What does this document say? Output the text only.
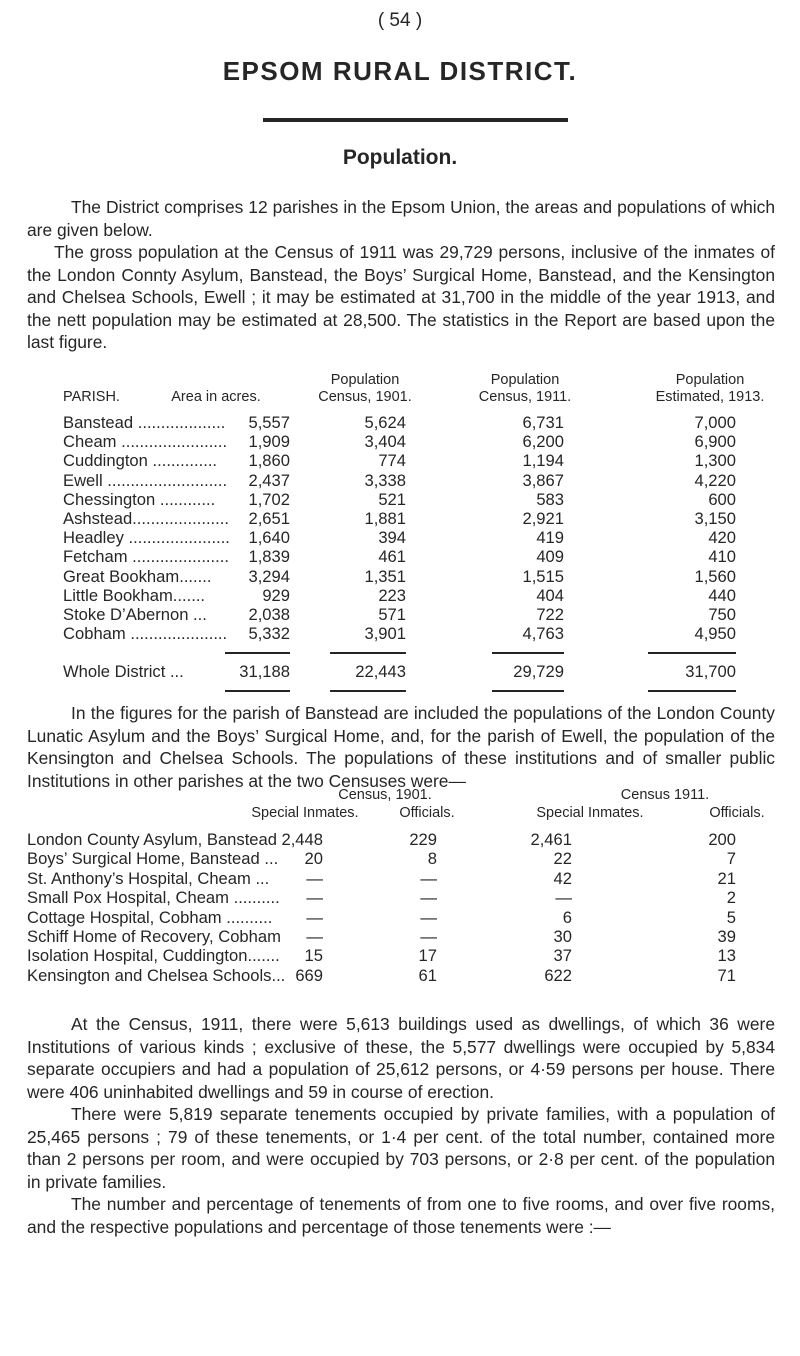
( 54 )
EPSOM RURAL DISTRICT.
Population.

The District comprises 12 parishes in the Epsom Union, the areas and populations of which are given below.

The gross population at the Census of 1911 was 29,729 persons, inclusive of the inmates of the London Connty Asylum, Banstead, the Boys’ Surgical Home, Banstead, and the Kensington and Chelsea Schools, Ewell ; it may be estimated at 31,700 in the middle of the year 1913, and the nett population may be estimated at 28,500. The statistics in the Report are based upon the last figure.

PARISH.	Area in acres.
Population
Census, 1901.
Population
Census, 1911.
Population
Estimated, 1913.
Banstead ................... 5,557	5,624	6,731	7,000
Cheam ....................... 1,909	3,404	6,200	6,900
Cuddington .............. 1,860	774	1,194	1,300
Ewell .......................... 2,437	3,338	3,867	4,220
Chessington ............ 1,702	521	583	600
Ashstead..................... 2,651	1,881	2,921	3,150
Headley ...................... 1,640	394	419	420
Fetcham ..................... 1,839	461	409	410
Great Bookham....... 3,294	1,351	1,515	1,560
Little Bookham.......	929	223	404	440
Stoke D’Abernon ...	2,038	571	722	750
Cobham ..................... 5,332	3,901	4,763	4,950
Whole District ...	31,188	22,443	29,729	31,700

In the figures for the parish of Banstead are included the populations of the London County Lunatic Asylum and the Boys’ Surgical Home, and, for the parish of Ewell, the population of the Kensington and Chelsea Schools. The populations of these institutions and of smaller public Institutions in other parishes at the two Censuses were—

Census, 1901.	Census 1911.
Special Inmates.	Officials.	Special Inmates.	Officials.
London County Asylum, Banstead 2,448	229	2,461	200
Boys’ Surgical Home, Banstead ... 20	8	22	7
St. Anthony’s Hospital, Cheam ... —	—	42	21
Small Pox Hospital, Cheam .......... —	—	—	2
Cottage Hospital, Cobham .......... —	—	6	5
Schiff Home of Recovery, Cobham —	—	30	39
Isolation Hospital, Cuddington....... 15	17	37	13
Kensington and Chelsea Schools... 669	61	622	71

At the Census, 1911, there were 5,613 buildings used as dwellings, of which 36 were Institutions of various kinds ; exclusive of these, the 5,577 dwellings were occupied by 5,834 separate occupiers and had a population of 25,612 persons, or 4·59 persons per house. There were 406 uninhabited dwellings and 59 in course of erection.

There were 5,819 separate tenements occupied by private families, with a population of 25,465 persons ; 79 of these tenements, or 1·4 per cent. of the total number, contained more than 2 persons per room, and were occupied by 703 persons, or 2·8 per cent. of the population in private families.

The number and percentage of tenements of from one to five rooms, and over five rooms, and the respective populations and percentage of those tenements were :—
